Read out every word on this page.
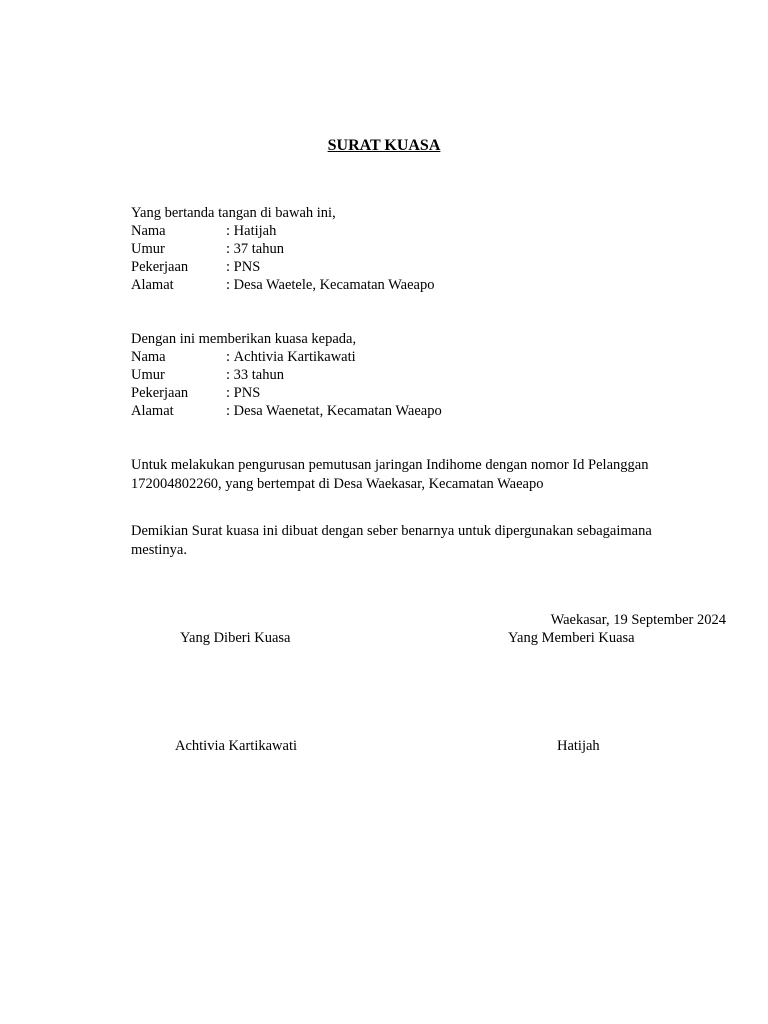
SURAT KUASA
Yang bertanda tangan di bawah ini,
Nama	: Hatijah
Umur	: 37 tahun
Pekerjaan	: PNS
Alamat	: Desa Waetele, Kecamatan Waeapo
Dengan ini memberikan kuasa kepada,
Nama	: Achtivia Kartikawati
Umur	: 33 tahun
Pekerjaan	: PNS
Alamat	: Desa Waenetat, Kecamatan Waeapo
Untuk melakukan pengurusan pemutusan jaringan Indihome dengan nomor Id Pelanggan 172004802260, yang bertempat di Desa Waekasar, Kecamatan Waeapo
Demikian Surat kuasa ini dibuat dengan seber benarnya untuk dipergunakan sebagaimana mestinya.
Waekasar, 19 September 2024
Yang Diberi Kuasa	Yang Memberi Kuasa
Achtivia Kartikawati	Hatijah
